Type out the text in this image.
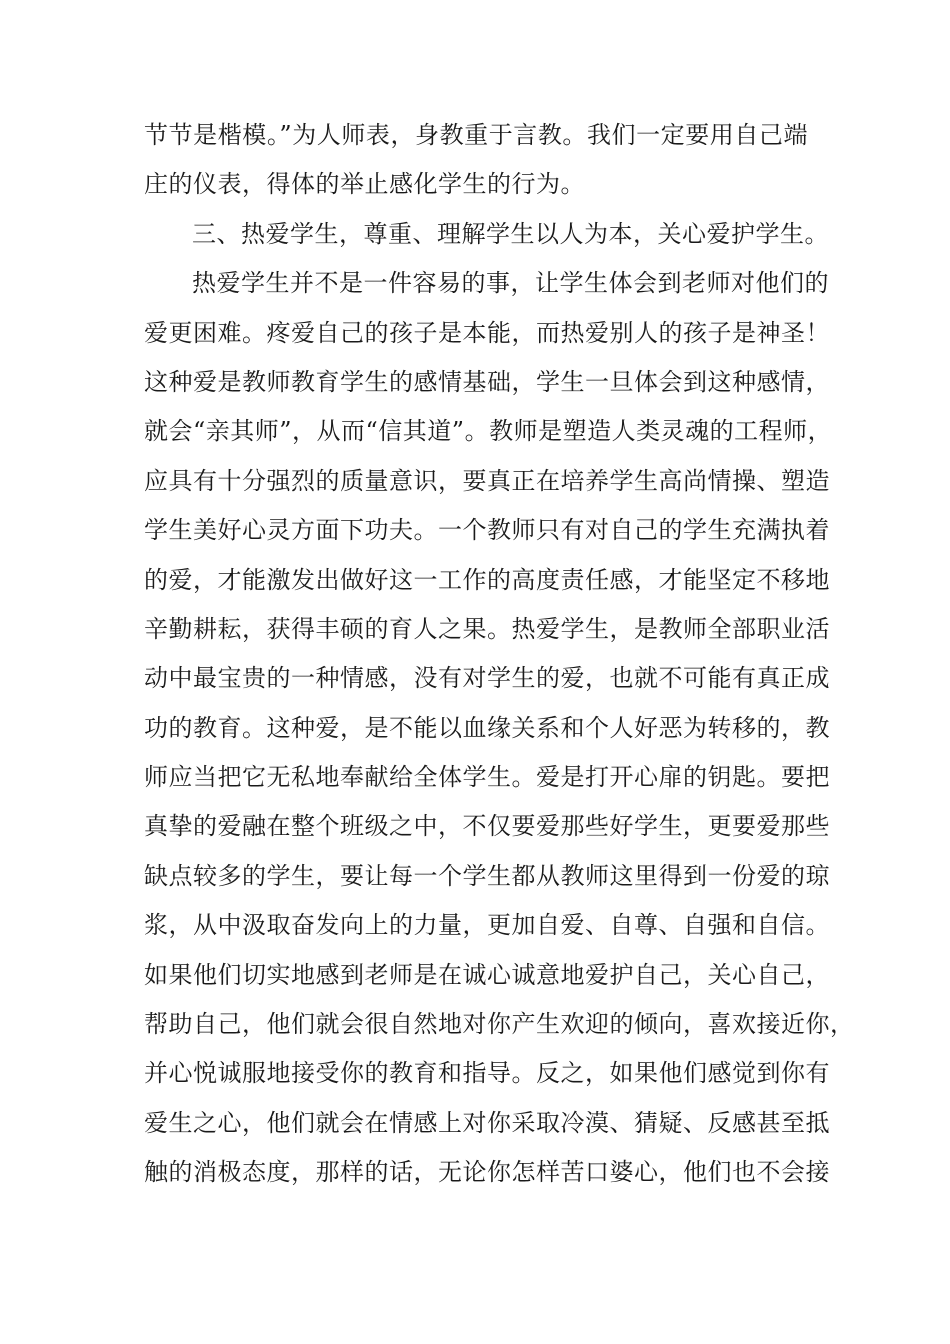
节节是楷模。”为人师表，身教重于言教。我们一定要用自己端
庄的仪表，得体的举止感化学生的行为。
三、热爱学生，尊重、理解学生以人为本，关心爱护学生。
热爱学生并不是一件容易的事，让学生体会到老师对他们的
爱更困难。疼爱自己的孩子是本能，而热爱别人的孩子是神圣！
这种爱是教师教育学生的感情基础，学生一旦体会到这种感情，
就会“亲其师”，从而“信其道”。教师是塑造人类灵魂的工程师，
应具有十分强烈的质量意识，要真正在培养学生高尚情操、塑造
学生美好心灵方面下功夫。一个教师只有对自己的学生充满执着
的爱，才能激发出做好这一工作的高度责任感，才能坚定不移地
辛勤耕耘，获得丰硕的育人之果。热爱学生，是教师全部职业活
动中最宝贵的一种情感，没有对学生的爱，也就不可能有真正成
功的教育。这种爱，是不能以血缘关系和个人好恶为转移的，教
师应当把它无私地奉献给全体学生。爱是打开心扉的钥匙。要把
真挚的爱融在整个班级之中，不仅要爱那些好学生，更要爱那些
缺点较多的学生，要让每一个学生都从教师这里得到一份爱的琼
浆，从中汲取奋发向上的力量，更加自爱、自尊、自强和自信。
如果他们切实地感到老师是在诚心诚意地爱护自己，关心自己，
帮助自己，他们就会很自然地对你产生欢迎的倾向，喜欢接近你，
并心悦诚服地接受你的教育和指导。反之，如果他们感觉到你有
爱生之心，他们就会在情感上对你采取冷漠、猜疑、反感甚至抵
触的消极态度，那样的话，无论你怎样苦口婆心，他们也不会接
